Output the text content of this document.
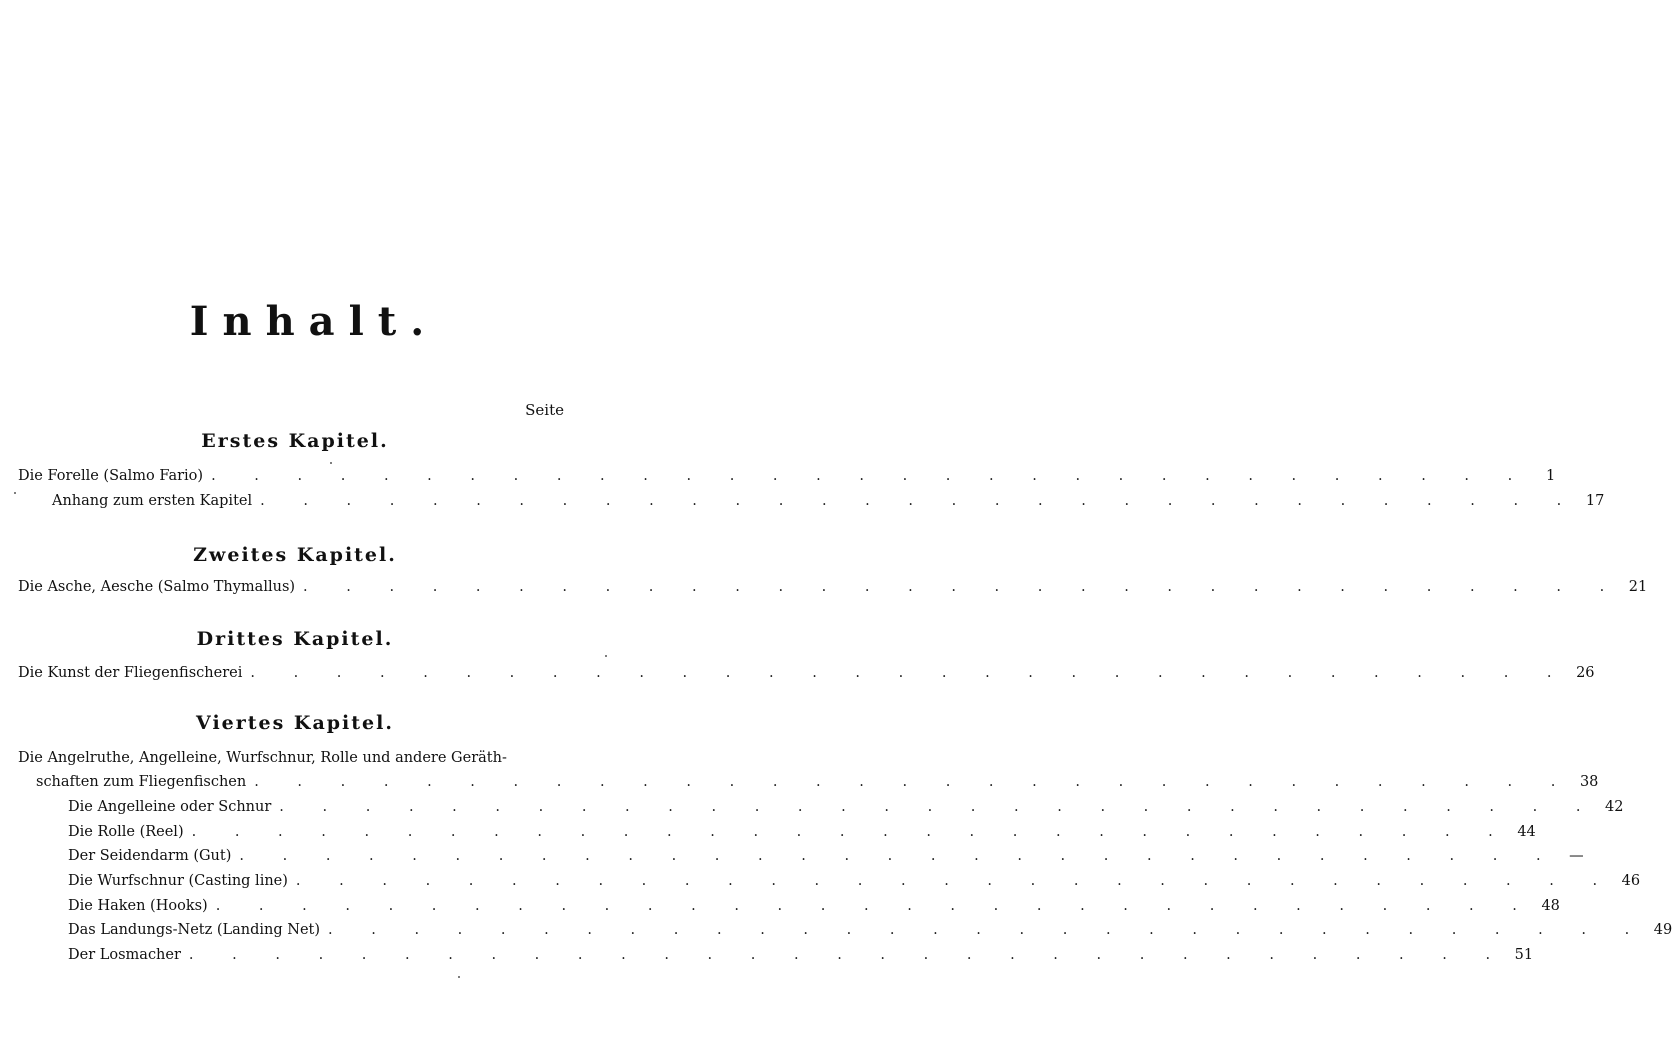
Inhalt.
Seite
Erstes Kapitel.
Die Forelle (Salmo Fario) . . . . . . . . . . . . . . . . . . . . . . . . . . . . . . .	1
Anhang zum ersten Kapitel . . . . . . . . . . . . . . . . . . . . . . . . . . . . . . . 17
Zweites Kapitel.
Die Asche, Aesche (Salmo Thymallus) . . . . . . . . . . . . . . . . . . . . . . . . . . . . . . . 21
Drittes Kapitel.
Die Kunst der Fliegenfischerei . . . . . . . . . . . . . . . . . . . . . . . . . . . . . . . 26
Viertes Kapitel.
Die Angelruthe, Angelleine, Wurfschnur, Rolle und andere Geräth-
schaften zum Fliegenfischen . . . . . . . . . . . . . . . . . . . . . . . . . . . . . . . 38
Die Angelleine oder Schnur . . . . . . . . . . . . . . . . . . . . . . . . . . . . . . . 42
Die Rolle (Reel) . . . . . . . . . . . . . . . . . . . . . . . . . . . . . . . 44
Der Seidendarm (Gut) . . . . . . . . . . . . . . . . . . . . . . . . . . . . . . . —
Die Wurfschnur (Casting line) . . . . . . . . . . . . . . . . . . . . . . . . . . . . . . . 46
Die Haken (Hooks) . . . . . . . . . . . . . . . . . . . . . . . . . . . . . . . 48
Das Landungs-Netz (Landing Net) . . . . . . . . . . . . . . . . . . . . . . . . . . . . . . . 49
Der Losmacher . . . . . . . . . . . . . . . . . . . . . . . . . . . . . . . 51
